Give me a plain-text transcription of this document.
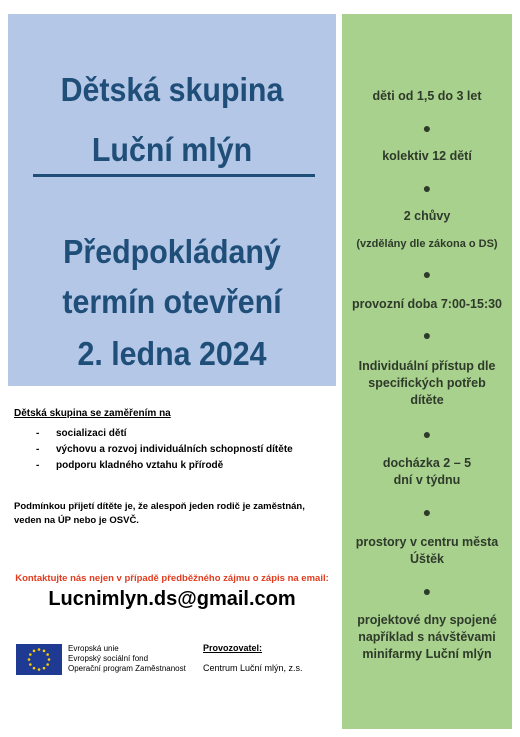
Dětská skupina
Luční mlýn
Předpokládaný
termín otevření
2. ledna 2024
děti od 1,5 do 3 let
●
kolektiv 12 dětí
●
2 chůvy
(vzdělány dle zákona o DS)
●
provozní doba 7:00-15:30
●
Individuální přístup dle specifických potřeb dítěte
●
docházka 2 – 5 dní v týdnu
●
prostory v centru města Úštěk
●
projektové dny spojené například s návštěvami minifarmy Luční mlýn
Dětská skupina se zaměřením na
- socializaci dětí
- výchovu a rozvoj individuálních schopností dítěte
- podporu kladného vztahu k přírodě
Podmínkou přijetí dítěte je, že alespoň jeden rodič je zaměstnán, veden na ÚP nebo je OSVČ.
Kontaktujte nás nejen v případě předběžného zájmu o zápis na email:
Lucnimlyn.ds@gmail.com
Evropská unie
Evropský sociální fond
Operační program Zaměstnanost
Provozovatel:
Centrum Luční mlýn, z.s.
